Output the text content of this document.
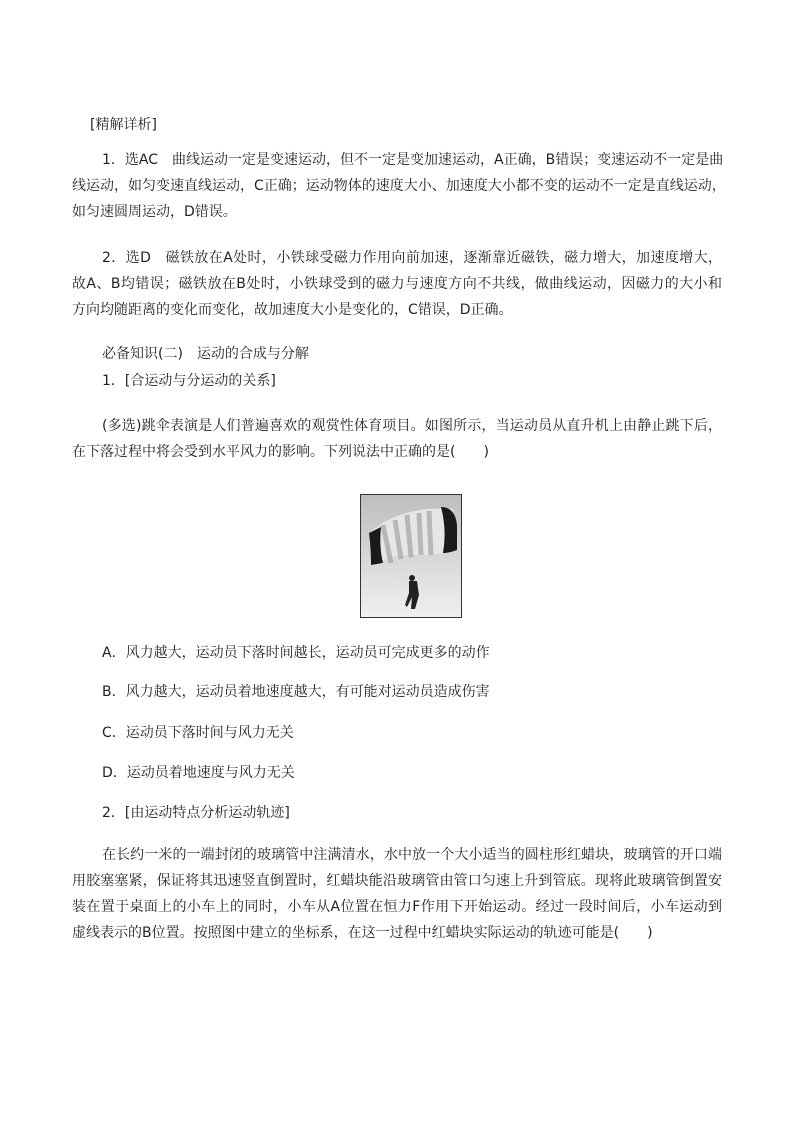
[精解详析]
1．选AC　曲线运动一定是变速运动，但不一定是变加速运动，A正确，B错误；变速运动不一定是曲
线运动，如匀变速直线运动，C正确；运动物体的速度大小、加速度大小都不变的运动不一定是直线运动，
如匀速圆周运动，D错误。
2．选D　磁铁放在A处时，小铁球受磁力作用向前加速，逐渐靠近磁铁，磁力增大，加速度增大，
故A、B均错误；磁铁放在B处时，小铁球受到的磁力与速度方向不共线，做曲线运动，因磁力的大小和
方向均随距离的变化而变化，故加速度大小是变化的，C错误，D正确。
必备知识(二)　运动的合成与分解
1．[合运动与分运动的关系]
(多选)跳伞表演是人们普遍喜欢的观赏性体育项目。如图所示，当运动员从直升机上由静止跳下后，
在下落过程中将会受到水平风力的影响。下列说法中正确的是(　　)
A．风力越大，运动员下落时间越长，运动员可完成更多的动作
B．风力越大，运动员着地速度越大，有可能对运动员造成伤害
C．运动员下落时间与风力无关
D．运动员着地速度与风力无关
2．[由运动特点分析运动轨迹]
在长约一米的一端封闭的玻璃管中注满清水，水中放一个大小适当的圆柱形红蜡块，玻璃管的开口端
用胶塞塞紧，保证将其迅速竖直倒置时，红蜡块能沿玻璃管由管口匀速上升到管底。现将此玻璃管倒置安
装在置于桌面上的小车上的同时，小车从A位置在恒力F作用下开始运动。经过一段时间后，小车运动到
虚线表示的B位置。按照图中建立的坐标系，在这一过程中红蜡块实际运动的轨迹可能是(　　)
